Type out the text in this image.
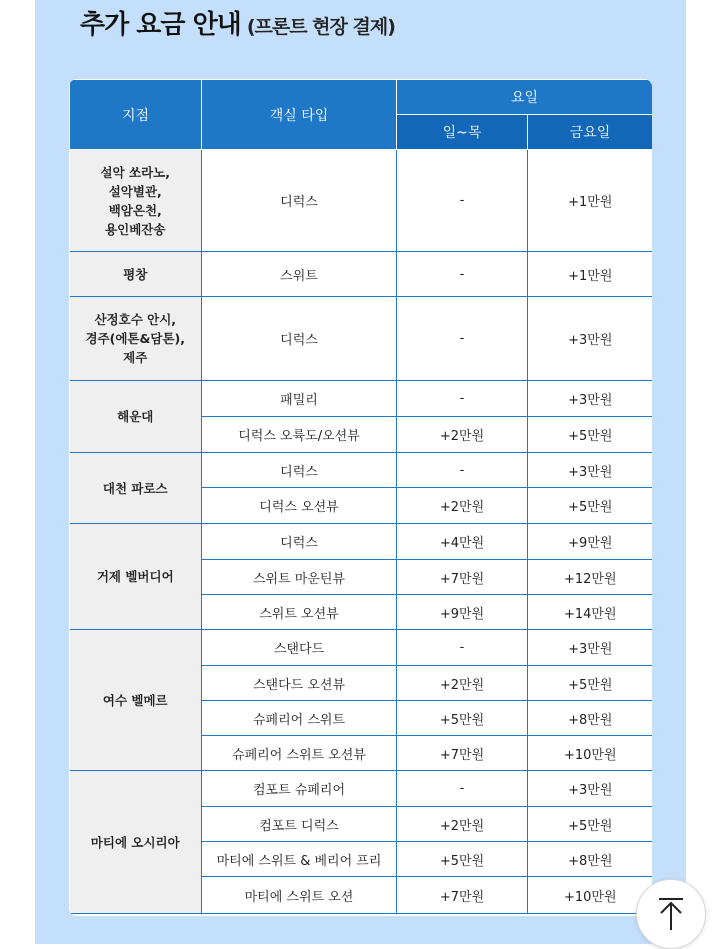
추가 요금 안내 (프론트 현장 결제)
지점	객실 타입	요일	
		일~목	금요일

설악 쏘라노,
설악별관,
백암온천,
용인베잔송	디럭스	-	+1만원

평창	스위트	-	+1만원

산정호수 안시,
경주(에톤&담톤),
제주	디럭스	-	+3만원

해운대	패밀리	-	+3만원
	디럭스 오륙도/오션뷰	+2만원	+5만원

대천 파로스	디럭스	-	+3만원
	디럭스 오션뷰	+2만원	+5만원

거제 벨버디어	디럭스	+4만원	+9만원
	스위트 마운틴뷰	+7만원	+12만원
	스위트 오션뷰	+9만원	+14만원

여수 벨메르	스탠다드	-	+3만원
	스탠다드 오션뷰	+2만원	+5만원
	슈페리어 스위트	+5만원	+8만원
	슈페리어 스위트 오션뷰	+7만원	+10만원

마티에 오시리아	컴포트 슈페리어	-	+3만원
	컴포트 디럭스	+2만원	+5만원
	마티에 스위트 & 베리어 프리	+5만원	+8만원
	마티에 스위트 오션	+7만원	+10만원
